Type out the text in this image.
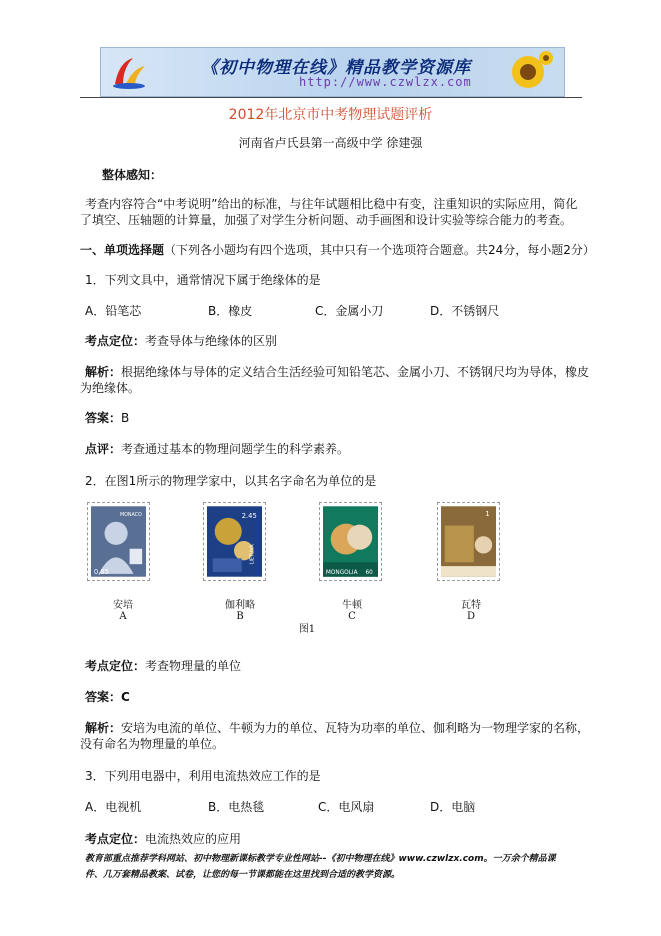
《初中物理在线》精品教学资源库
http://www.czwlzx.com
2012年北京市中考物理试题评析
河南省卢氏县第一高级中学 徐建强
整体感知：
考查内容符合“中考说明”给出的标准，与往年试题相比稳中有变，注重知识的实际应用，简化
了填空、压轴题的计算量，加强了对学生分析问题、动手画图和设计实验等综合能力的考查。
一、单项选择题（下列各小题均有四个选项，其中只有一个选项符合题意。共24分，每小题2分）
1．下列文具中，通常情况下属于绝缘体的是
A．铅笔芯	B．橡皮	C．金属小刀	D．不锈钢尺
考点定位：考查导体与绝缘体的区别
解析：根据绝缘体与导体的定义结合生活经验可知铅笔芯、金属小刀、不锈钢尺均为导体，橡皮
为绝缘体。
答案：B
点评：考查通过基本的物理问题学生的科学素养。
2．在图1所示的物理学家中，以其名字命名为单位的是
MONACO
0,85
2.45
LIETUVA
MONGOLIA 60
1
安培
A
伽利略
B
牛顿
C
瓦特
D
图1
考点定位：考查物理量的单位
答案：C
解析：安培为电流的单位、牛顿为力的单位、瓦特为功率的单位、伽利略为一物理学家的名称，
没有命名为物理量的单位。
3．下列用电器中，利用电流热效应工作的是
A．电视机	B．电热毯	C．电风扇	D．电脑
考点定位：电流热效应的应用
教育部重点推荐学科网站、初中物理新课标教学专业性网站--《初中物理在线》www.czwlzx.com。一万余个精品课
件、几万套精品教案、试卷，让您的每一节课都能在这里找到合适的教学资源。
